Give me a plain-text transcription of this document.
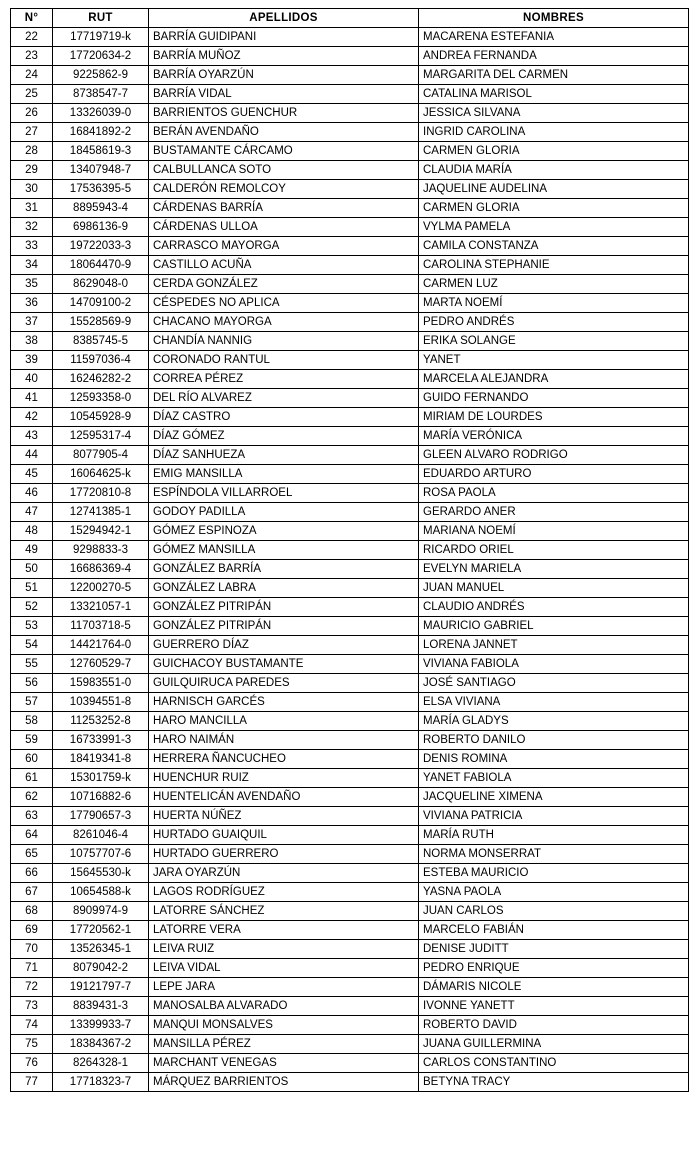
N°	RUT	APELLIDOS	NOMBRES
22	17719719-k	BARRÍA GUIDIPANI	MACARENA ESTEFANIA
23	17720634-2	BARRÍA MUÑOZ	ANDREA FERNANDA
24	9225862-9	BARRÍA OYARZÚN	MARGARITA DEL CARMEN
25	8738547-7	BARRÍA VIDAL	CATALINA MARISOL
26	13326039-0	BARRIENTOS GUENCHUR	JESSICA SILVANA
27	16841892-2	BERÁN AVENDAÑO	INGRID CAROLINA
28	18458619-3	BUSTAMANTE CÁRCAMO	CARMEN GLORIA
29	13407948-7	CALBULLANCA SOTO	CLAUDIA MARÍA
30	17536395-5	CALDERÓN REMOLCOY	JAQUELINE AUDELINA
31	8895943-4	CÁRDENAS BARRÍA	CARMEN GLORIA
32	6986136-9	CÁRDENAS ULLOA	VYLMA PAMELA
33	19722033-3	CARRASCO MAYORGA	CAMILA CONSTANZA
34	18064470-9	CASTILLO ACUÑA	CAROLINA STEPHANIE
35	8629048-0	CERDA GONZÁLEZ	CARMEN LUZ
36	14709100-2	CÉSPEDES NO APLICA	MARTA NOEMÍ
37	15528569-9	CHACANO MAYORGA	PEDRO ANDRÉS
38	8385745-5	CHANDÍA NANNIG	ERIKA SOLANGE
39	11597036-4	CORONADO RANTUL	YANET
40	16246282-2	CORREA PÉREZ	MARCELA ALEJANDRA
41	12593358-0	DEL RÍO ALVAREZ	GUIDO FERNANDO
42	10545928-9	DÍAZ CASTRO	MIRIAM DE LOURDES
43	12595317-4	DÍAZ GÓMEZ	MARÍA VERÓNICA
44	8077905-4	DÍAZ SANHUEZA	GLEEN ALVARO RODRIGO
45	16064625-k	EMIG MANSILLA	EDUARDO ARTURO
46	17720810-8	ESPÍNDOLA VILLARROEL	ROSA PAOLA
47	12741385-1	GODOY PADILLA	GERARDO ANER
48	15294942-1	GÓMEZ ESPINOZA	MARIANA NOEMÍ
49	9298833-3	GÓMEZ MANSILLA	RICARDO ORIEL
50	16686369-4	GONZÁLEZ BARRÍA	EVELYN MARIELA
51	12200270-5	GONZÁLEZ LABRA	JUAN MANUEL
52	13321057-1	GONZÁLEZ PITRIPÁN	CLAUDIO ANDRÉS
53	11703718-5	GONZÁLEZ PITRIPÁN	MAURICIO GABRIEL
54	14421764-0	GUERRERO DÍAZ	LORENA JANNET
55	12760529-7	GUICHACOY BUSTAMANTE	VIVIANA FABIOLA
56	15983551-0	GUILQUIRUCA PAREDES	JOSÉ SANTIAGO
57	10394551-8	HARNISCH GARCÉS	ELSA VIVIANA
58	11253252-8	HARO MANCILLA	MARÍA GLADYS
59	16733991-3	HARO NAIMÁN	ROBERTO DANILO
60	18419341-8	HERRERA ÑANCUCHEO	DENIS ROMINA
61	15301759-k	HUENCHUR RUIZ	YANET FABIOLA
62	10716882-6	HUENTELICÁN AVENDAÑO	JACQUELINE XIMENA
63	17790657-3	HUERTA NÚÑEZ	VIVIANA PATRICIA
64	8261046-4	HURTADO GUAIQUIL	MARÍA RUTH
65	10757707-6	HURTADO GUERRERO	NORMA MONSERRAT
66	15645530-k	JARA OYARZÚN	ESTEBA MAURICIO
67	10654588-k	LAGOS RODRÍGUEZ	YASNA PAOLA
68	8909974-9	LATORRE SÁNCHEZ	JUAN CARLOS
69	17720562-1	LATORRE VERA	MARCELO FABIÁN
70	13526345-1	LEIVA RUIZ	DENISE JUDITT
71	8079042-2	LEIVA VIDAL	PEDRO ENRIQUE
72	19121797-7	LEPE JARA	DÁMARIS NICOLE
73	8839431-3	MANOSALBA ALVARADO	IVONNE YANETT
74	13399933-7	MANQUI MONSALVES	ROBERTO DAVID
75	18384367-2	MANSILLA PÉREZ	JUANA GUILLERMINA
76	8264328-1	MARCHANT VENEGAS	CARLOS CONSTANTINO
77	17718323-7	MÁRQUEZ BARRIENTOS	BETYNA TRACY
